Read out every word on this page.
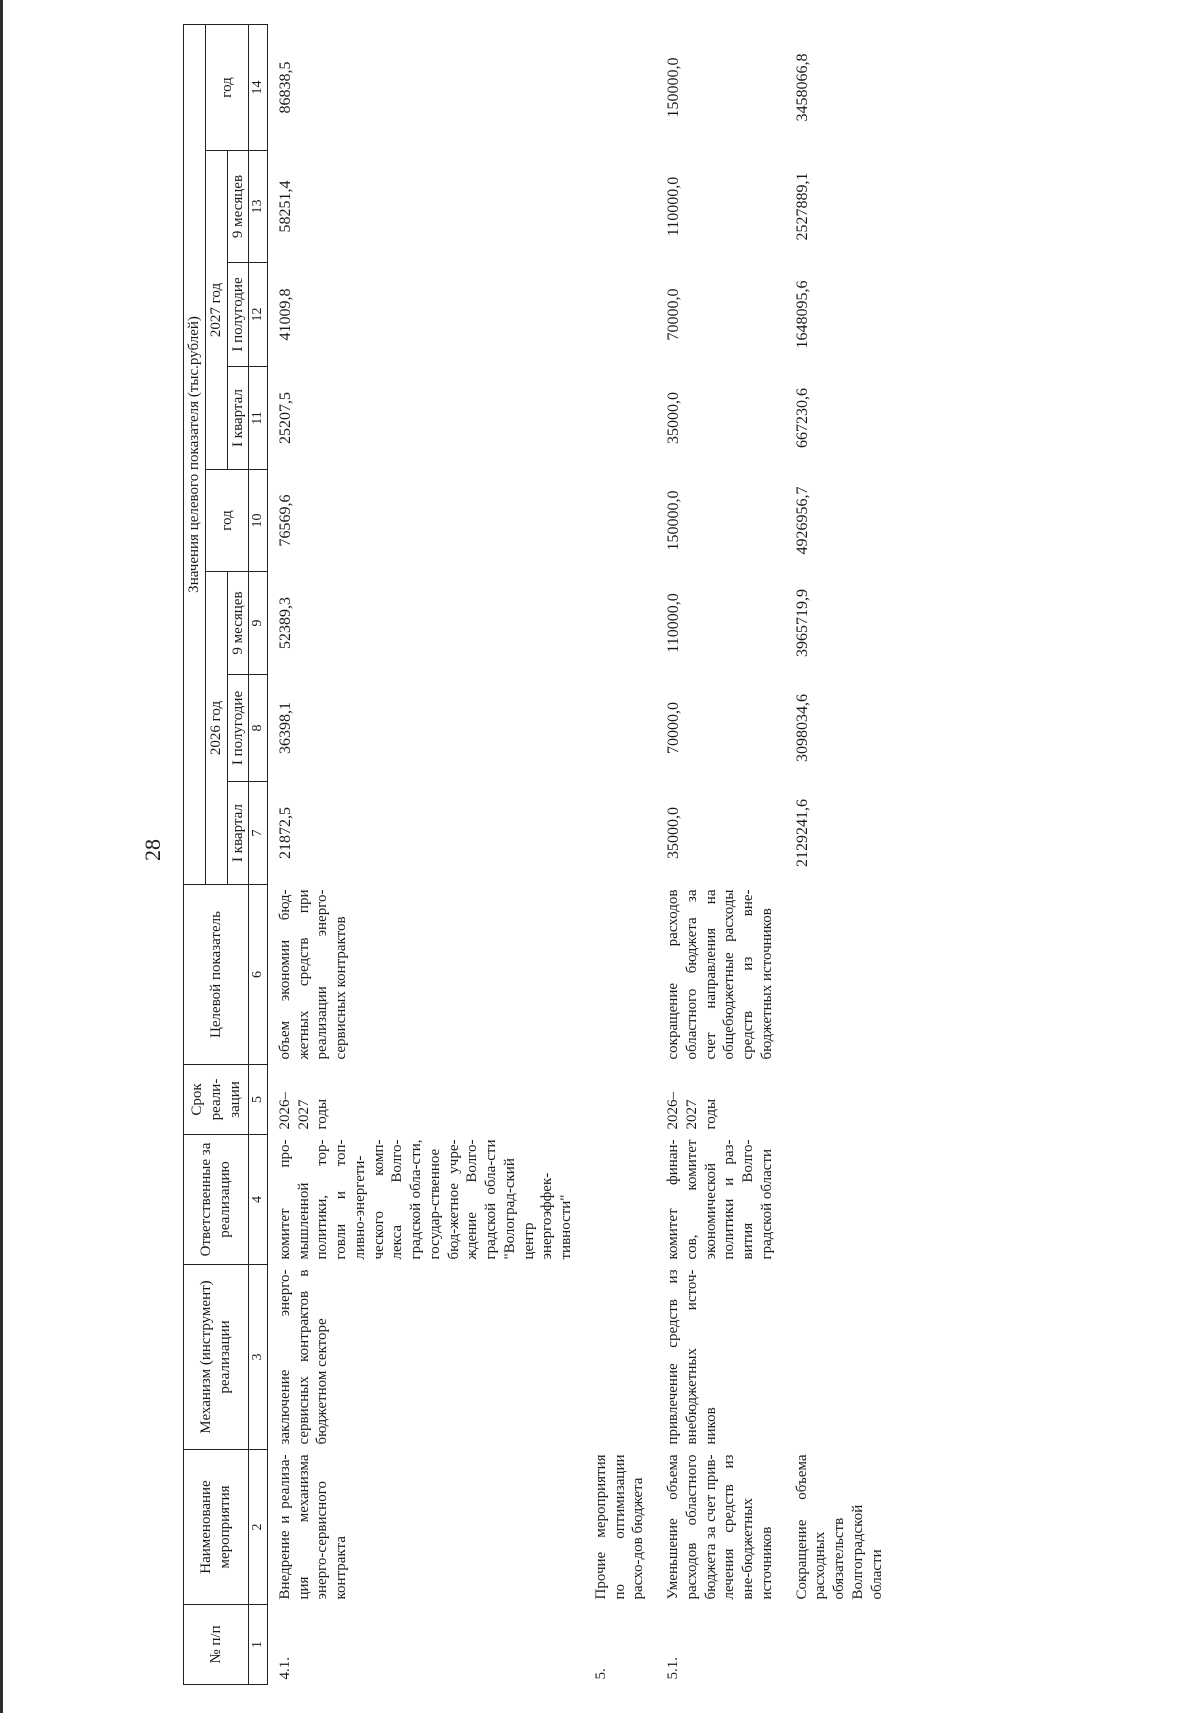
28
№ п/п	Наименование мероприятия	Механизм (инструмент) реализации	Ответственные за реализацию	Срок реали-зации	Целевой показатель	Значения целевого показателя (тыс.рублей)							
						2026 год			год	2027 год			год
						I квартал	I полугодие	9 месяцев		I квартал	I полугодие	9 месяцев	
1	2	3	4	5	6	7	8	9	10	11	12	13	14
4.1.	Внедрение и реализа-ция механизма энерго-сервисного контракта	заключение энерго-сервисных контрактов в бюджетном секторе	комитет про-мышленной политики, тор-говли и топ-ливно-энергети-ческого комп-лекса Волго-градской обла-сти, государ-ственное бюд-жетное учре-ждение Волго-градской обла-сти "Волоград-ский центр энергоэффек-тивности"	2026–2027 годы	объем экономии бюд-жетных средств при реализации энерго-сервисных контрактов	21872,5	36398,1	52389,3	76569,6	25207,5	41009,8	58251,4	86838,5
5.	Прочие мероприятия по оптимизации расхо-дов бюджета												
5.1.	Уменьшение объема расходов областного бюджета за счет прив-лечения средств из вне-бюджетных источников	привлечение средств из внебюджетных источ-ников	комитет финан-сов, комитет экономической политики и раз-вития Волго-градской области	2026–2027 годы	сокращение расходов областного бюджета за счет направления на общебюджетные расходы средств из вне-бюджетных источников	35000,0	70000,0	110000,0	150000,0	35000,0	70000,0	110000,0	150000,0
	Сокращение объема расходных обязательств Волгоградской области					2129241,6	3098034,6	3965719,9	4926956,7	667230,6	1648095,6	2527889,1	3458066,8
